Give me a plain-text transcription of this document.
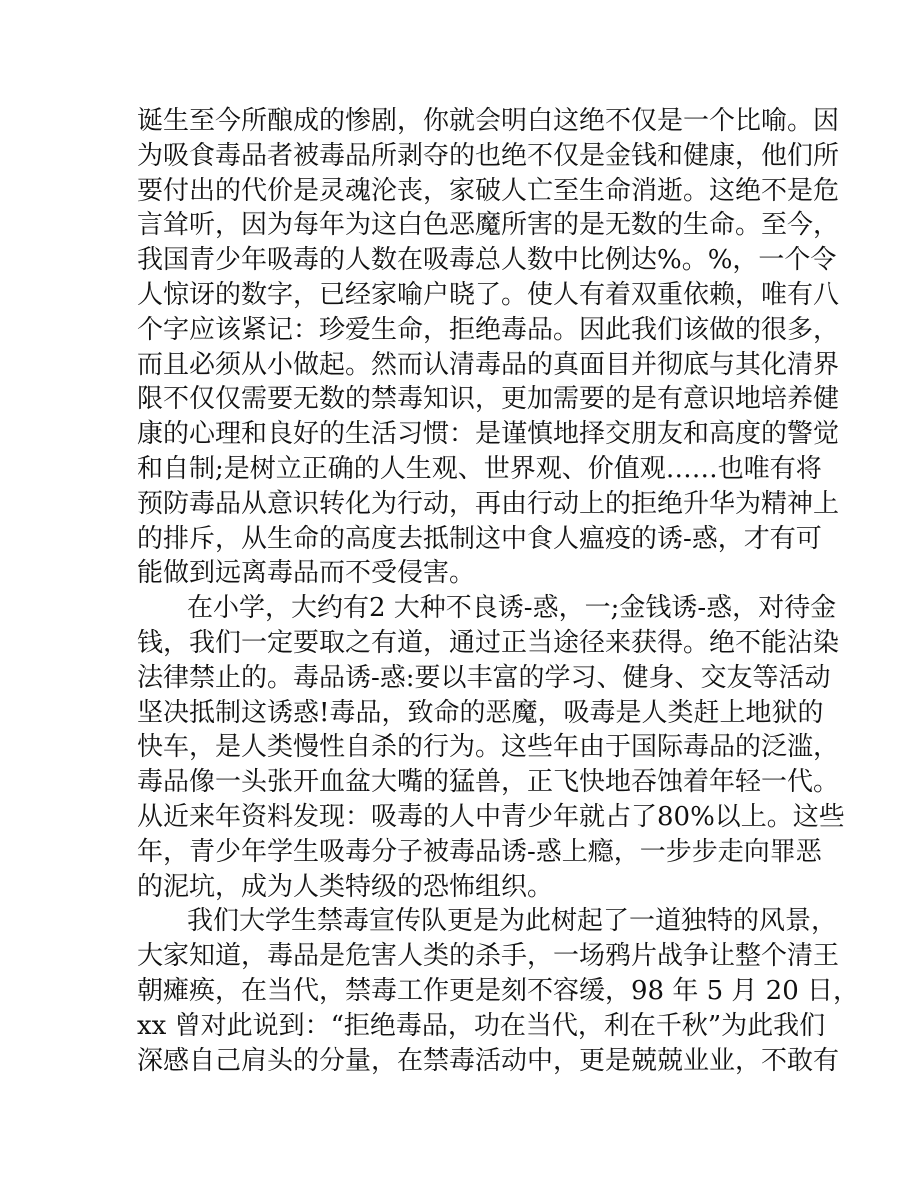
诞生至今所酿成的惨剧，你就会明白这绝不仅是一个比喻。因
为吸食毒品者被毒品所剥夺的也绝不仅是金钱和健康，他们所
要付出的代价是灵魂沦丧，家破人亡至生命消逝。这绝不是危
言耸听，因为每年为这白色恶魔所害的是无数的生命。至今，
我国青少年吸毒的人数在吸毒总人数中比例达%。%，一个令
人惊讶的数字，已经家喻户晓了。使人有着双重依赖，唯有八
个字应该紧记：珍爱生命，拒绝毒品。因此我们该做的很多，
而且必须从小做起。然而认清毒品的真面目并彻底与其化清界
限不仅仅需要无数的禁毒知识，更加需要的是有意识地培养健
康的心理和良好的生活习惯：是谨慎地择交朋友和高度的警觉
和自制;是树立正确的人生观、世界观、价值观……也唯有将
预防毒品从意识转化为行动，再由行动上的拒绝升华为精神上
的排斥，从生命的高度去抵制这中食人瘟疫的诱-惑，才有可
能做到远离毒品而不受侵害。
在小学，大约有2 大种不良诱-惑，一;金钱诱-惑，对待金
钱，我们一定要取之有道，通过正当途径来获得。绝不能沾染
法律禁止的。毒品诱-惑:要以丰富的学习、健身、交友等活动
坚决抵制这诱惑!毒品，致命的恶魔，吸毒是人类赶上地狱的
快车，是人类慢性自杀的行为。这些年由于国际毒品的泛滥，
毒品像一头张开血盆大嘴的猛兽，正飞快地吞蚀着年轻一代。
从近来年资料发现：吸毒的人中青少年就占了80%以上。这些
年，青少年学生吸毒分子被毒品诱-惑上瘾，一步步走向罪恶
的泥坑，成为人类特级的恐怖组织。
我们大学生禁毒宣传队更是为此树起了一道独特的风景，
大家知道，毒品是危害人类的杀手，一场鸦片战争让整个清王
朝瘫痪，在当代，禁毒工作更是刻不容缓，98 年 5 月 20 日，
xx 曾对此说到：“拒绝毒品，功在当代，利在千秋”为此我们
深感自己肩头的分量，在禁毒活动中，更是兢兢业业，不敢有
